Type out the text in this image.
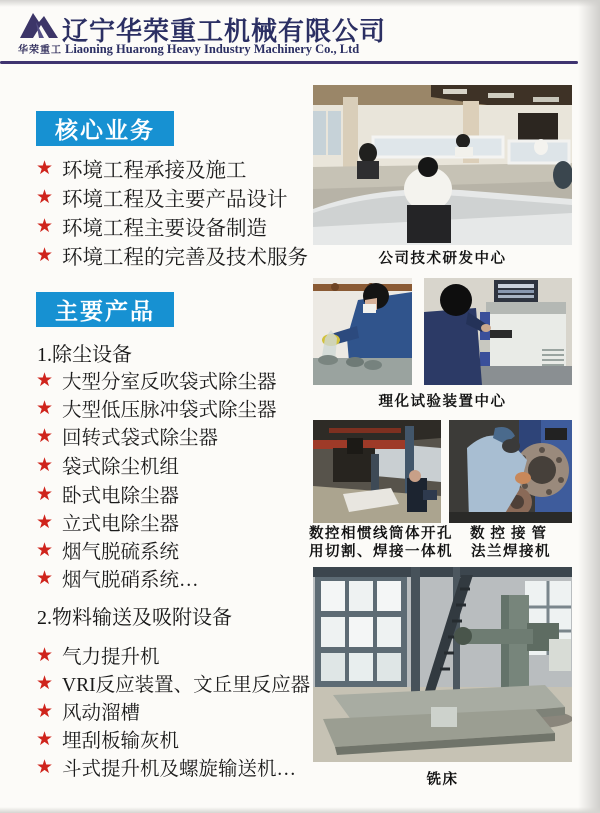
华荣重工
辽宁华荣重工机械有限公司
Liaoning Huarong Heavy Industry Machinery Co., Ltd
核心业务
★ 环境工程承接及施工
★ 环境工程及主要产品设计
★ 环境工程主要设备制造
★ 环境工程的完善及技术服务
主要产品
1.除尘设备
★ 大型分室反吹袋式除尘器
★ 大型低压脉冲袋式除尘器
★ 回转式袋式除尘器
★ 袋式除尘机组
★ 卧式电除尘器
★ 立式电除尘器
★ 烟气脱硫系统
★ 烟气脱硝系统…
2.物料输送及吸附设备
★ 气力提升机
★ VRI反应装置、文丘里反应器
★ 风动溜槽
★ 埋刮板输灰机
★ 斗式提升机及螺旋输送机…
公司技术研发中心
理化试验装置中心
数控相惯线筒体开孔
用切割、焊接一体机
数控接管
法兰焊接机
铣床
